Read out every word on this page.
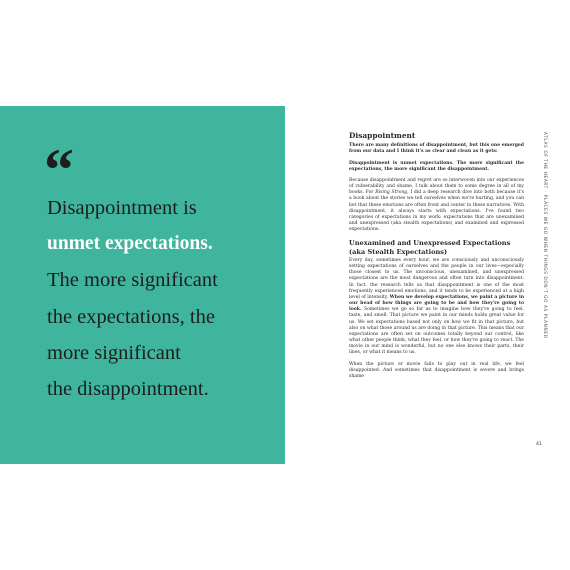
“
Disappointment is
unmet expectations.
The more significant
the expectations, the
more significant
the disappointment.
ATLAS OF THE HEART · PLACES WE GO WHEN THINGS DON'T GO AS PLANNED
41
Disappointment

There are many definitions of disappointment, but this one emerged from our data and I think it's as clear and clean as it gets:

Disappointment is unmet expectations. The more significant the expectations, the more significant the disappointment.

Because disappointment and regret are so interwoven into our experiences of vulnerability and shame, I talk about them to some degree in all of my books. For Rising Strong, I did a deep research dive into both because it's a book about the stories we tell ourselves when we're hurting, and you can bet that these emotions are often front and center in these narratives. With disappointment, it always starts with expectations. I've found two categories of expectations in my work: expectations that are unexamined and unexpressed (aka stealth expectations) and examined and expressed expectations.

Unexamined and Unexpressed Expectations (aka Stealth Expectations)

Every day, sometimes every hour, we are consciously and unconsciously setting expectations of ourselves and the people in our lives—especially those closest to us. The unconscious, unexamined, and unexpressed expectations are the most dangerous and often turn into disappointment. In fact, the research tells us that disappointment is one of the most frequently experienced emotions, and it tends to be experienced at a high level of intensity. When we develop expectations, we paint a picture in our head of how things are going to be and how they're going to look. Sometimes we go so far as to imagine how they're going to feel, taste, and smell. That picture we paint in our minds holds great value for us. We set expectations based not only on how we fit in that picture, but also on what those around us are doing in that picture. This means that our expectations are often set on outcomes totally beyond our control, like what other people think, what they feel, or how they're going to react. The movie in our mind is wonderful, but no one else knows their parts, their lines, or what it means to us.

When the picture or movie fails to play out in real life, we feel disappointed. And sometimes that disappointment is severe and brings shame
